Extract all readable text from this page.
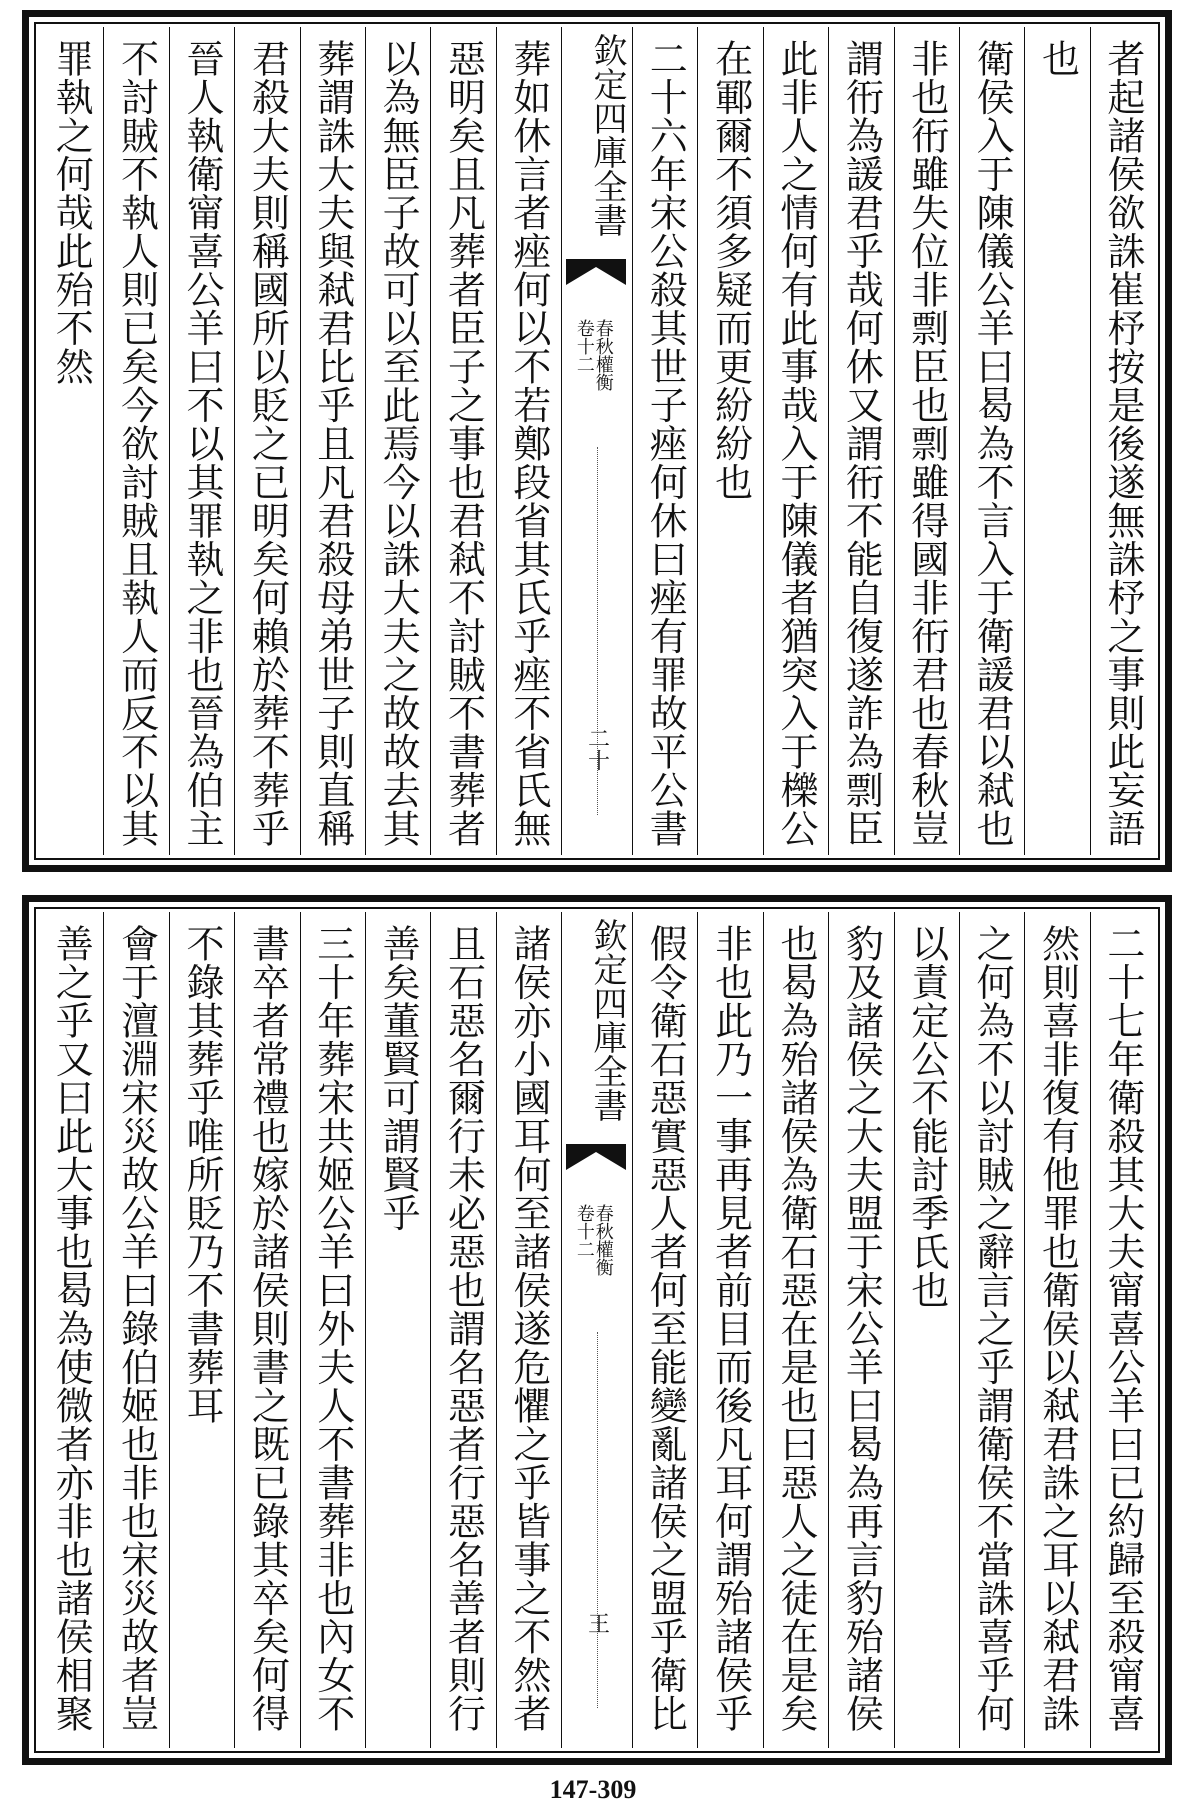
者起諸侯欲誅崔杼按是後遂無誅杼之事則此妄語
也
衛侯入于陳儀公羊曰曷為不言入于衛諼君以弒也
非也衎雖失位非剽臣也剽雖得國非衎君也春秋豈
謂衎為諼君乎哉何休又謂衎不能自復遂詐為剽臣
此非人之情何有此事哉入于陳儀者猶突入于櫟公
在鄆爾不須多疑而更紛紛也
二十六年宋公殺其世子痤何休曰痤有罪故平公書
欽定四庫全書
春秋權衡
卷十二
二十
葬如休言者痤何以不若鄭段省其氏乎痤不省氏無
惡明矣且凡葬者臣子之事也君弒不討賊不書葬者
以為無臣子故可以至此焉今以誅大夫之故故去其
葬謂誅大夫與弒君比乎且凡君殺母弟世子則直稱
君殺大夫則稱國所以貶之已明矣何賴於葬不葬乎
晉人執衛甯喜公羊曰不以其罪執之非也晉為伯主
不討賊不執人則已矣今欲討賊且執人而反不以其
罪執之何哉此殆不然
二十七年衛殺其大夫甯喜公羊曰已約歸至殺甯喜
然則喜非復有他罪也衛侯以弒君誅之耳以弒君誅
之何為不以討賊之辭言之乎謂衛侯不當誅喜乎何
以責定公不能討季氏也
豹及諸侯之大夫盟于宋公羊曰曷為再言豹殆諸侯
也曷為殆諸侯為衛石惡在是也曰惡人之徒在是矣
非也此乃一事再見者前目而後凡耳何謂殆諸侯乎
假令衛石惡實惡人者何至能變亂諸侯之盟乎衛比
欽定四庫全書
春秋權衡
卷十二
王
諸侯亦小國耳何至諸侯遂危懼之乎皆事之不然者
且石惡名爾行未必惡也謂名惡者行惡名善者則行
善矣董賢可謂賢乎
三十年葬宋共姬公羊曰外夫人不書葬非也內女不
書卒者常禮也嫁於諸侯則書之既已錄其卒矣何得
不錄其葬乎唯所貶乃不書葬耳
會于澶淵宋災故公羊曰錄伯姬也非也宋災故者豈
善之乎又曰此大事也曷為使微者亦非也諸侯相聚
147-309
